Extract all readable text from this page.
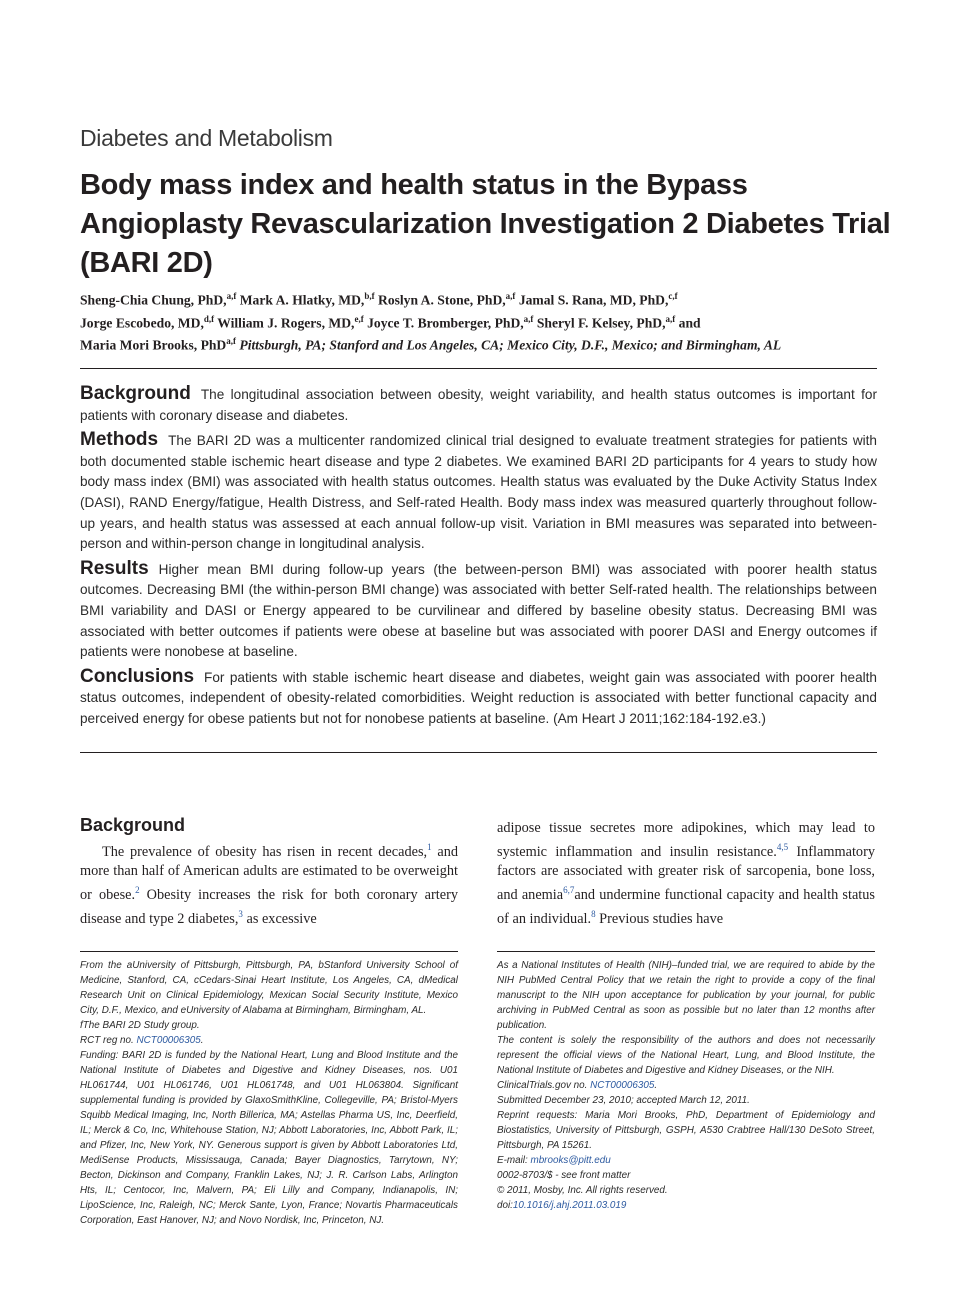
Diabetes and Metabolism
Body mass index and health status in the Bypass Angioplasty Revascularization Investigation 2 Diabetes Trial (BARI 2D)
Sheng-Chia Chung, PhD,$^{a,f}$ Mark A. Hlatky, MD,$^{b,f}$ Roslyn A. Stone, PhD,$^{a,f}$ Jamal S. Rana, MD, PhD,$^{c,f}$
Jorge Escobedo, MD,$^{d,f}$ William J. Rogers, MD,$^{e,f}$ Joyce T. Bromberger, PhD,$^{a,f}$ Sheryl F. Kelsey, PhD,$^{a,f}$ and
Maria Mori Brooks, PhD$^{a,f}$ Pittsburgh, PA; Stanford and Los Angeles, CA; Mexico City, D.F., Mexico; and Birmingham, AL

Background The longitudinal association between obesity, weight variability, and health status outcomes is important for patients with coronary disease and diabetes.

Methods The BARI 2D was a multicenter randomized clinical trial designed to evaluate treatment strategies for patients with both documented stable ischemic heart disease and type 2 diabetes. We examined BARI 2D participants for 4 years to study how body mass index (BMI) was associated with health status outcomes. Health status was evaluated by the Duke Activity Status Index (DASI), RAND Energy/fatigue, Health Distress, and Self-rated Health. Body mass index was measured quarterly throughout follow-up years, and health status was assessed at each annual follow-up visit. Variation in BMI measures was separated into between-person and within-person change in longitudinal analysis.

Results Higher mean BMI during follow-up years (the between-person BMI) was associated with poorer health status outcomes. Decreasing BMI (the within-person BMI change) was associated with better Self-rated health. The relationships between BMI variability and DASI or Energy appeared to be curvilinear and differed by baseline obesity status. Decreasing BMI was associated with better outcomes if patients were obese at baseline but was associated with poorer DASI and Energy outcomes if patients were nonobese at baseline.

Conclusions For patients with stable ischemic heart disease and diabetes, weight gain was associated with poorer health status outcomes, independent of obesity-related comorbidities. Weight reduction is associated with better functional capacity and perceived energy for obese patients but not for nonobese patients at baseline. (Am Heart J 2011;162:184-192.e3.)

Background

The prevalence of obesity has risen in recent decades,$^1$ and more than half of American adults are estimated to be overweight or obese.$^2$ Obesity increases the risk for both coronary artery disease and type 2 diabetes,$^3$ as excessive

adipose tissue secretes more adipokines, which may lead to systemic inflammation and insulin resistance.$^{4,5}$ Inflammatory factors are associated with greater risk of sarcopenia, bone loss, and anemia$^{6,7}$and undermine functional capacity and health status of an individual.$^8$ Previous studies have

From the aUniversity of Pittsburgh, Pittsburgh, PA, bStanford University School of Medicine, Stanford, CA, cCedars-Sinai Heart Institute, Los Angeles, CA, dMedical Research Unit on Clinical Epidemiology, Mexican Social Security Institute, Mexico City, D.F., Mexico, and eUniversity of Alabama at Birmingham, Birmingham, AL.

fThe BARI 2D Study group.

RCT reg no. NCT00006305.

Funding: BARI 2D is funded by the National Heart, Lung and Blood Institute and the National Institute of Diabetes and Digestive and Kidney Diseases, nos. U01 HL061744, U01 HL061746, U01 HL061748, and U01 HL063804. Significant supplemental funding is provided by GlaxoSmithKline, Collegeville, PA; Bristol-Myers Squibb Medical Imaging, Inc, North Billerica, MA; Astellas Pharma US, Inc, Deerfield, IL; Merck & Co, Inc, Whitehouse Station, NJ; Abbott Laboratories, Inc, Abbott Park, IL; and Pfizer, Inc, New York, NY. Generous support is given by Abbott Laboratories Ltd, MediSense Products, Mississauga, Canada; Bayer Diagnostics, Tarrytown, NY; Becton, Dickinson and Company, Franklin Lakes, NJ; J. R. Carlson Labs, Arlington Hts, IL; Centocor, Inc, Malvern, PA; Eli Lilly and Company, Indianapolis, IN; LipoScience, Inc, Raleigh, NC; Merck Sante, Lyon, France; Novartis Pharmaceuticals Corporation, East Hanover, NJ; and Novo Nordisk, Inc, Princeton, NJ.

As a National Institutes of Health (NIH)–funded trial, we are required to abide by the NIH PubMed Central Policy that we retain the right to provide a copy of the final manuscript to the NIH upon acceptance for publication by your journal, for public archiving in PubMed Central as soon as possible but no later than 12 months after publication.

The content is solely the responsibility of the authors and does not necessarily represent the official views of the National Heart, Lung, and Blood Institute, the National Institute of Diabetes and Digestive and Kidney Diseases, or the NIH.

ClinicalTrials.gov no. NCT00006305.

Submitted December 23, 2010; accepted March 12, 2011.

Reprint requests: Maria Mori Brooks, PhD, Department of Epidemiology and Biostatistics, University of Pittsburgh, GSPH, A530 Crabtree Hall/130 DeSoto Street, Pittsburgh, PA 15261.

E-mail: mbrooks@pitt.edu

0002-8703/$ - see front matter

© 2011, Mosby, Inc. All rights reserved.

doi:10.1016/j.ahj.2011.03.019
